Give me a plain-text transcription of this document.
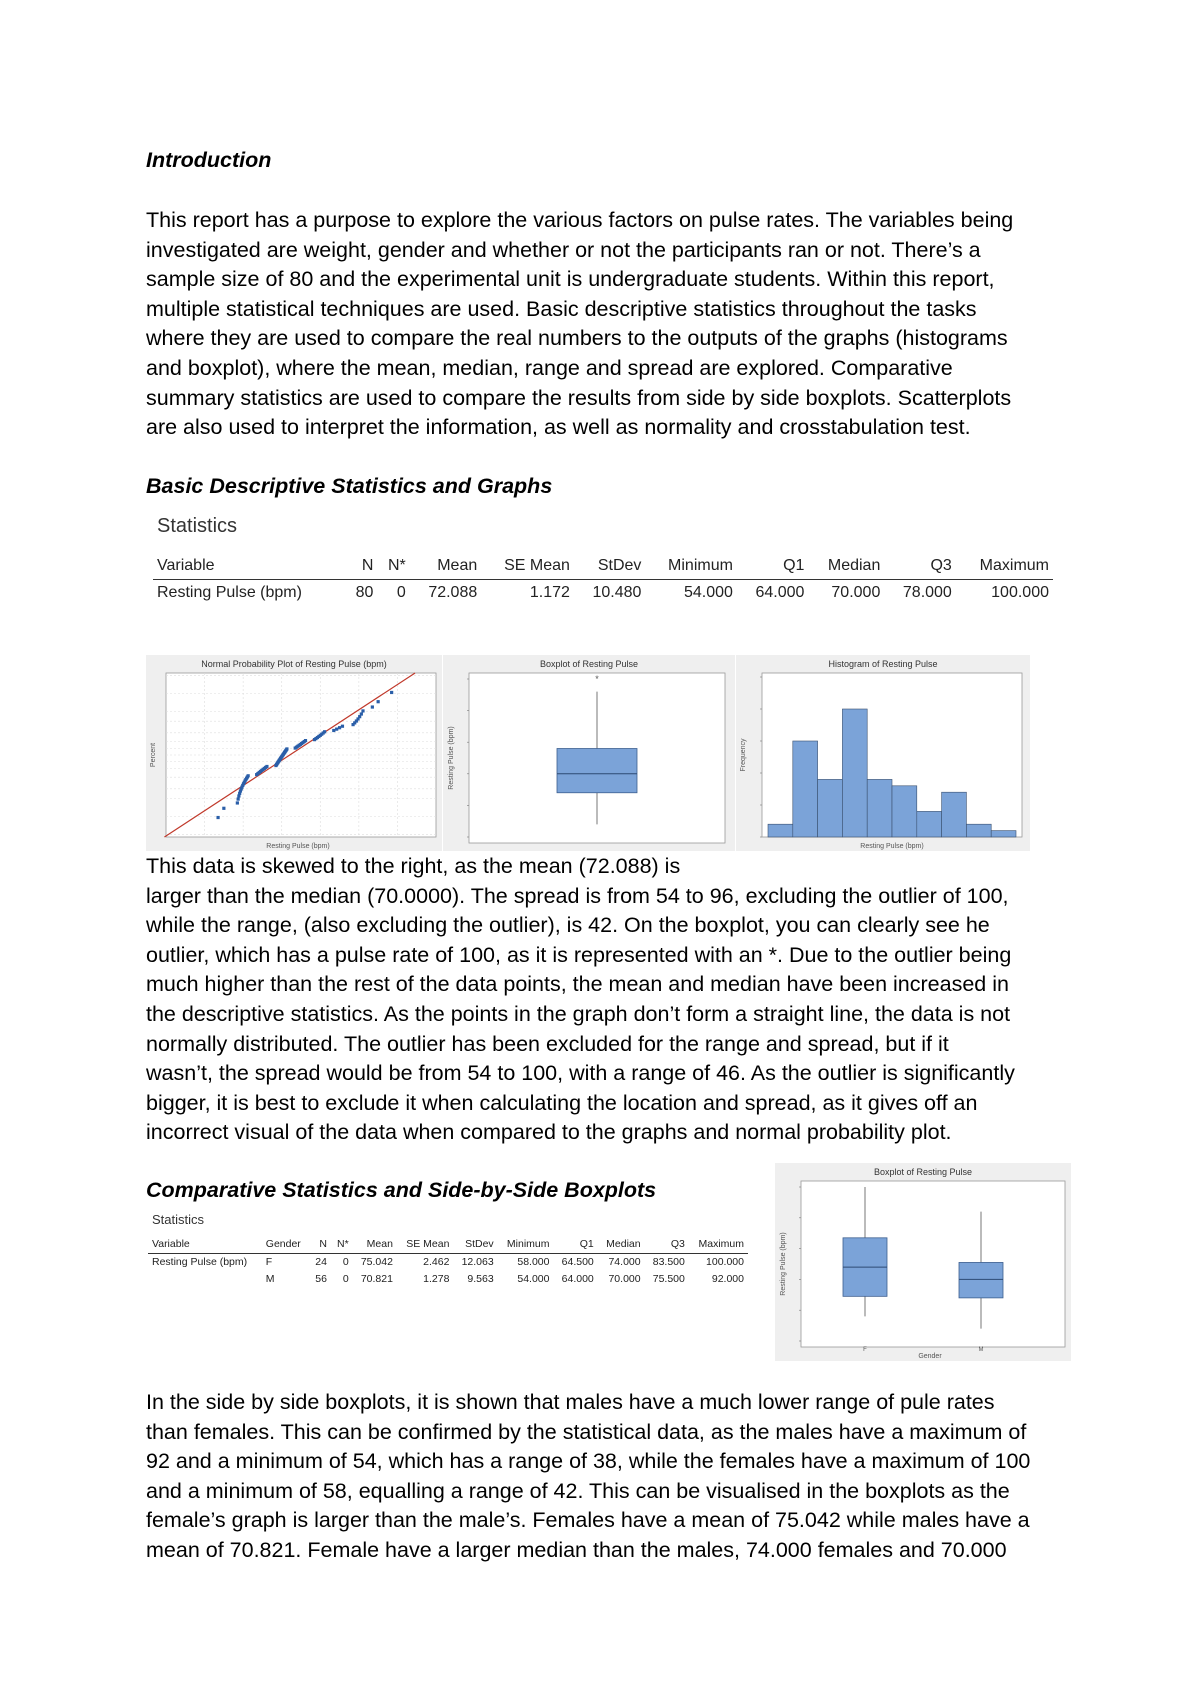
Introduction

This report has a purpose to explore the various factors on pulse rates. The variables being
investigated are weight, gender and whether or not the participants ran or not. There’s a
sample size of 80 and the experimental unit is undergraduate students. Within this report,
multiple statistical techniques are used. Basic descriptive statistics throughout the tasks
where they are used to compare the real numbers to the outputs of the graphs (histograms
and boxplot), where the mean, median, range and spread are explored. Comparative
summary statistics are used to compare the results from side by side boxplots. Scatterplots
are also used to interpret the information, as well as normality and crosstabulation test.

Basic Descriptive Statistics and Graphs

Statistics
Variable	N	N*	Mean	SE Mean	StDev	Minimum	Q1	Median	Q3	Maximum
Resting Pulse (bpm)	80	0	72.088	1.172	10.480	54.000	64.000	70.000	78.000	100.000
Normal Probability Plot of Resting Pulse (bpm)
Resting Pulse (bpm)
Percent
Boxplot of Resting Pulse
*
Resting Pulse (bpm)
Histogram of Resting Pulse
Resting Pulse (bpm)
Frequency
This data is skewed to the right, as the mean (72.088) is
larger than the median (70.0000). The spread is from 54 to 96, excluding the outlier of 100,
while the range, (also excluding the outlier), is 42. On the boxplot, you can clearly see he
outlier, which has a pulse rate of 100, as it is represented with an *. Due to the outlier being
much higher than the rest of the data points, the mean and median have been increased in
the descriptive statistics. As the points in the graph don’t form a straight line, the data is not
normally distributed. The outlier has been excluded for the range and spread, but if it
wasn’t, the spread would be from 54 to 100, with a range of 46. As the outlier is significantly
bigger, it is best to exclude it when calculating the location and spread, as it gives off an
incorrect visual of the data when compared to the graphs and normal probability plot.

Comparative Statistics and Side-by-Side Boxplots

Statistics
Variable	Gender	N	N*	Mean	SE Mean	StDev	Minimum	Q1	Median	Q3	Maximum
Resting Pulse (bpm)	F	24	0	75.042	2.462	12.063	58.000	64.500	74.000	83.500	100.000
	M	56	0	70.821	1.278	9.563	54.000	64.000	70.000	75.500	92.000
Boxplot of Resting Pulse
F	M
Gender
Resting Pulse (bpm)
In the side by side boxplots, it is shown that males have a much lower range of pule rates
than females. This can be confirmed by the statistical data, as the males have a maximum of
92 and a minimum of 54, which has a range of 38, while the females have a maximum of 100
and a minimum of 58, equalling a range of 42. This can be visualised in the boxplots as the
female’s graph is larger than the male’s. Females have a mean of 75.042 while males have a
mean of 70.821. Female have a larger median than the males, 74.000 females and 70.000
